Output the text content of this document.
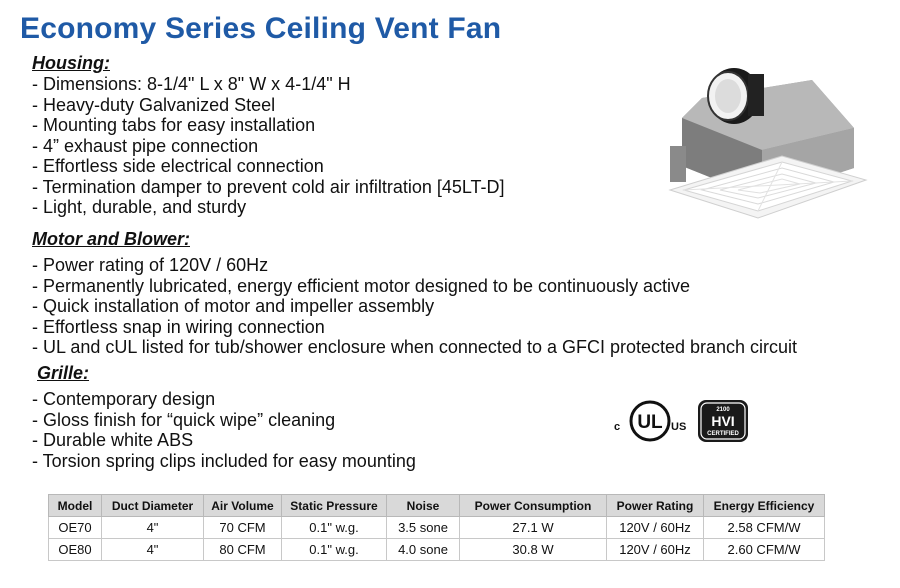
Economy Series Ceiling Vent Fan
Housing:
- Dimensions: 8-1/4" L x 8" W x 4-1/4" H
- Heavy-duty Galvanized Steel
- Mounting tabs for easy installation
- 4” exhaust pipe connection
- Effortless side electrical connection
- Termination damper to prevent cold air infiltration [45LT-D]
- Light, durable, and sturdy
Motor and Blower:
- Power rating of 120V / 60Hz
- Permanently lubricated, energy efficient motor designed to be continuously active
- Quick installation of motor and impeller assembly
- Effortless snap in wiring connection
- UL and cUL listed for tub/shower enclosure when connected to a GFCI protected branch circuit
Grille:
- Contemporary design
- Gloss finish for “quick wipe” cleaning
- Durable white ABS
- Torsion spring clips included for easy mounting
c UL US
2100
HVI
CERTIFIED
Model	Duct Diameter	Air Volume	Static Pressure	Noise	Power Consumption	Power Rating	Energy Efficiency
OE70	4"	70 CFM	0.1" w.g.	3.5 sone	27.1 W	120V / 60Hz	2.58 CFM/W
OE80	4"	80 CFM	0.1" w.g.	4.0 sone	30.8 W	120V / 60Hz	2.60 CFM/W
